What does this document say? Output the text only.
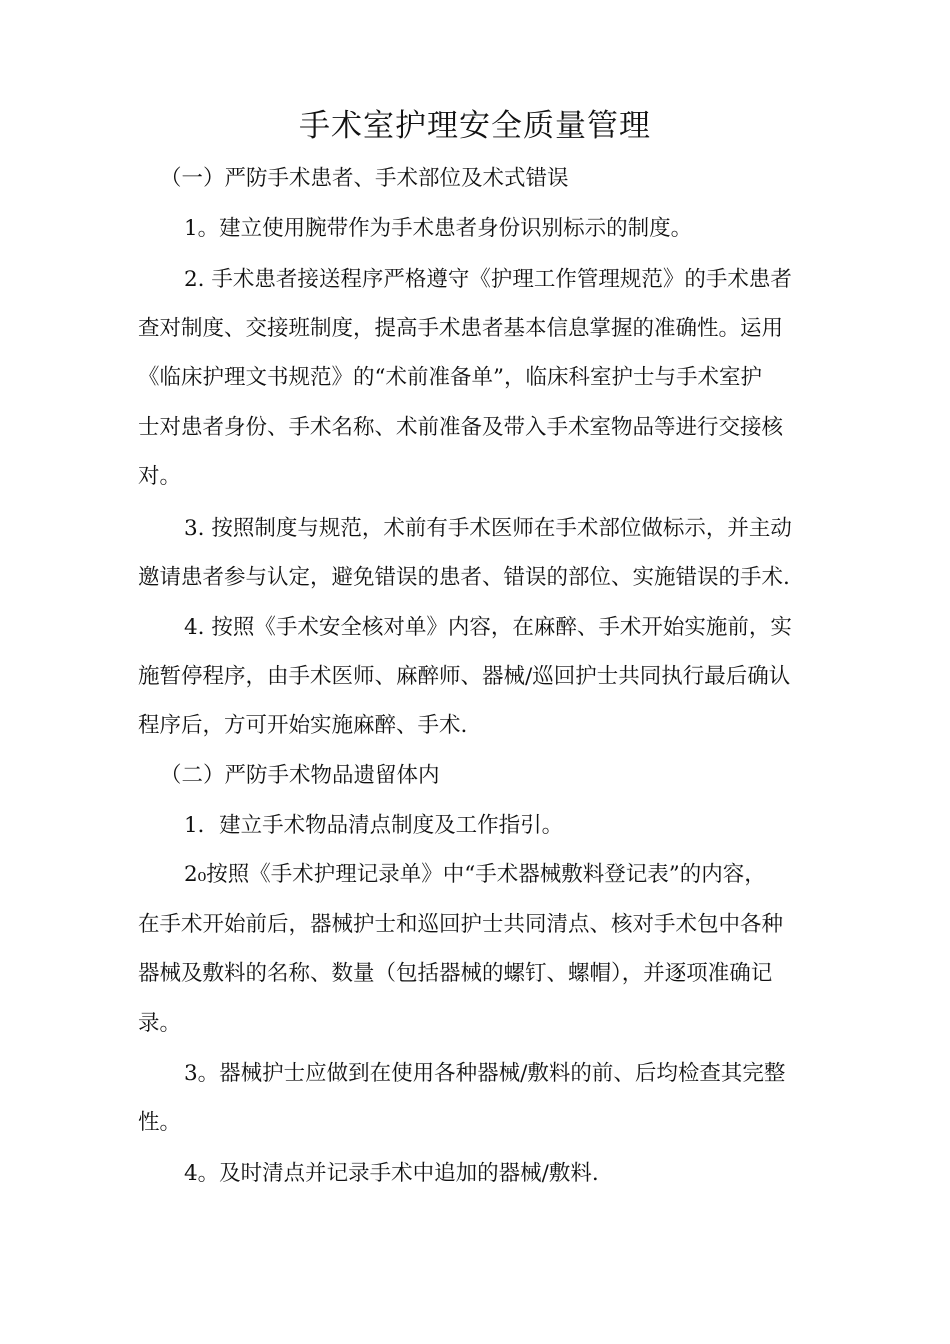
手术室护理安全质量管理
（一）严防手术患者、手术部位及术式错误
1。建立使用腕带作为手术患者身份识别标示的制度。
2. 手术患者接送程序严格遵守《护理工作管理规范》的手术患者
查对制度、交接班制度，提高手术患者基本信息掌握的准确性。运用
《临床护理文书规范》的“术前准备单”，临床科室护士与手术室护
士对患者身份、手术名称、术前准备及带入手术室物品等进行交接核
对。
3. 按照制度与规范，术前有手术医师在手术部位做标示，并主动
邀请患者参与认定，避免错误的患者、错误的部位、实施错误的手术.
4. 按照《手术安全核对单》内容，在麻醉、手术开始实施前，实
施暂停程序，由手术医师、麻醉师、器械/巡回护士共同执行最后确认
程序后，方可开始实施麻醉、手术.
（二）严防手术物品遗留体内
1．建立手术物品清点制度及工作指引。
2₀按照《手术护理记录单》中“手术器械敷料登记表”的内容，
在手术开始前后，器械护士和巡回护士共同清点、核对手术包中各种
器械及敷料的名称、数量（包括器械的螺钉、螺帽），并逐项准确记
录。
3。器械护士应做到在使用各种器械/敷料的前、后均检查其完整
性。
4。及时清点并记录手术中追加的器械/敷料.
